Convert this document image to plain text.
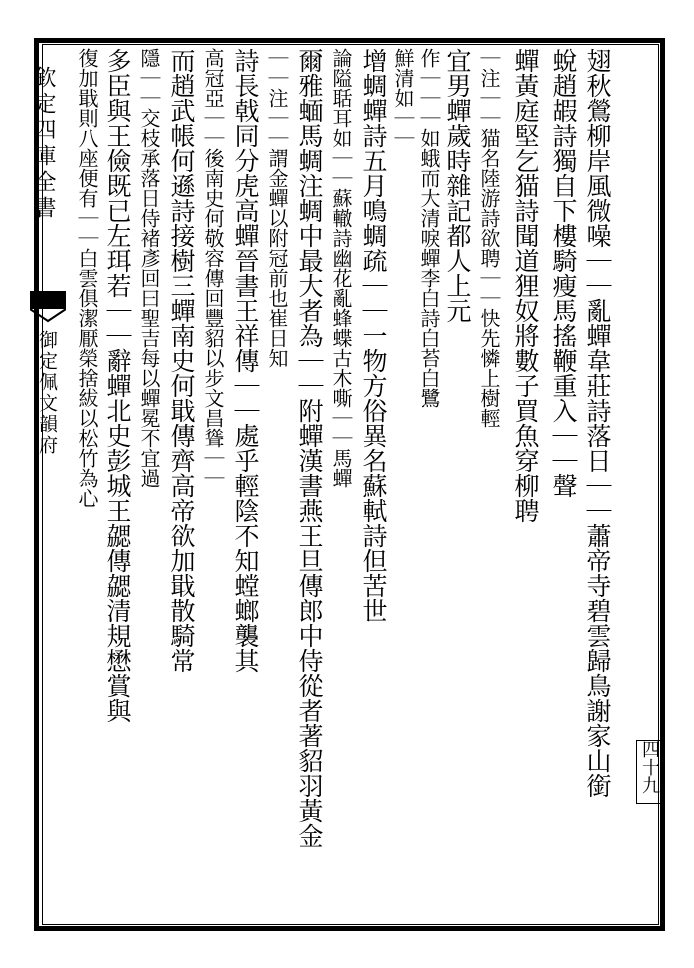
欽定四庫全書
御定佩文韻府
四十九
翅秋鶯柳岸風微噪｜｜亂蟬韋莊詩落日｜｜蕭帝寺碧雲歸鳥謝家山銜
蛻趙嘏詩獨自下樓騎瘦馬搖鞭重入｜｜聲
蟬黃庭堅乞猫詩聞道狸奴將數子買魚穿柳聘
｜注｜｜猫名陸游詩欲聘｜｜快先憐上樹輕
宜男蟬歲時雜記都人上元
作｜｜｜如蛾而大清唳蟬李白詩白苔白鷺
鮮清如｜｜
增蜩蟬詩五月鳴蜩疏｜｜一物方俗異名蘇軾詩但苦世
論隘聒耳如｜｜蘇轍詩幽花亂蜂蝶古木嘶｜｜馬蟬
爾雅蝒馬蜩注蜩中最大者為｜｜附蟬漢書燕王旦傳郎中侍從者著貂羽黃金
｜｜注｜｜謂金蟬以附冠前也崔日知
詩長戟同分虎高蟬晉書王祥傳｜｜處乎輕陰不知螳螂襲其
高冠亞｜｜後南史何敬容傳回豐貂以步文昌聳｜｜
而趙武帳何遜詩接樹三蟬南史何戢傳齊高帝欲加戢散騎常
隱｜｜交枝承落日侍褚彥回曰聖吉每以蟬冕不宜過
多臣與王儉既已左珥若｜｜辭蟬北史彭城王勰傳勰清規懋賞與
復加戢則八座便有｜｜白雲俱潔厭榮捨紱以松竹為心
